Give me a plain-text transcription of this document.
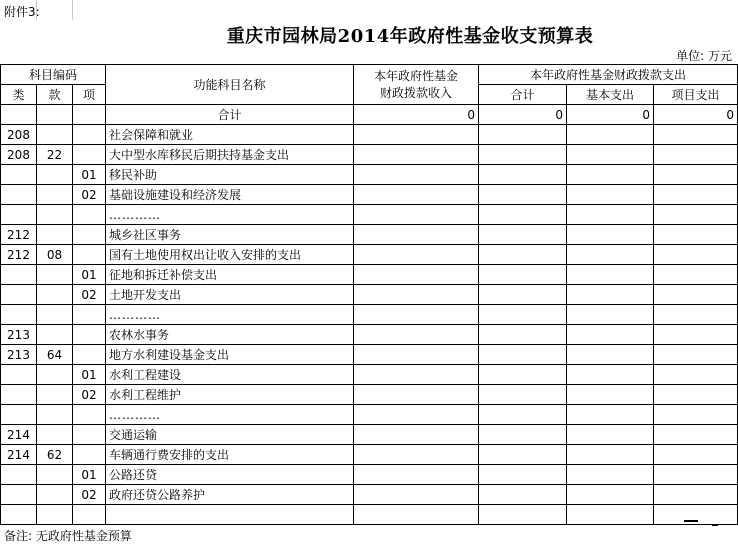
附件3:
重庆市园林局2014年政府性基金收支预算表
单位: 万元
科目编码			功能科目名称	本年政府性基金
财政拨款收入	本年政府性基金财政拨款支出		
类	款	项			合计	基本支出	项目支出
			合计	0	0	0	0
208			社会保障和就业				
208	22		大中型水库移民后期扶持基金支出				
		01	移民补助				
		02	基础设施建设和经济发展				
			…………				
212			城乡社区事务				
212	08		国有土地使用权出让收入安排的支出				
		01	征地和拆迁补偿支出				
		02	土地开发支出				
			…………				
213			农林水事务				
213	64		地方水利建设基金支出				
		01	水利工程建设				
		02	水利工程维护				
			…………				
214			交通运输				
214	62		车辆通行费安排的支出				
		01	公路还贷				
		02	政府还贷公路养护				

备注: 无政府性基金预算
